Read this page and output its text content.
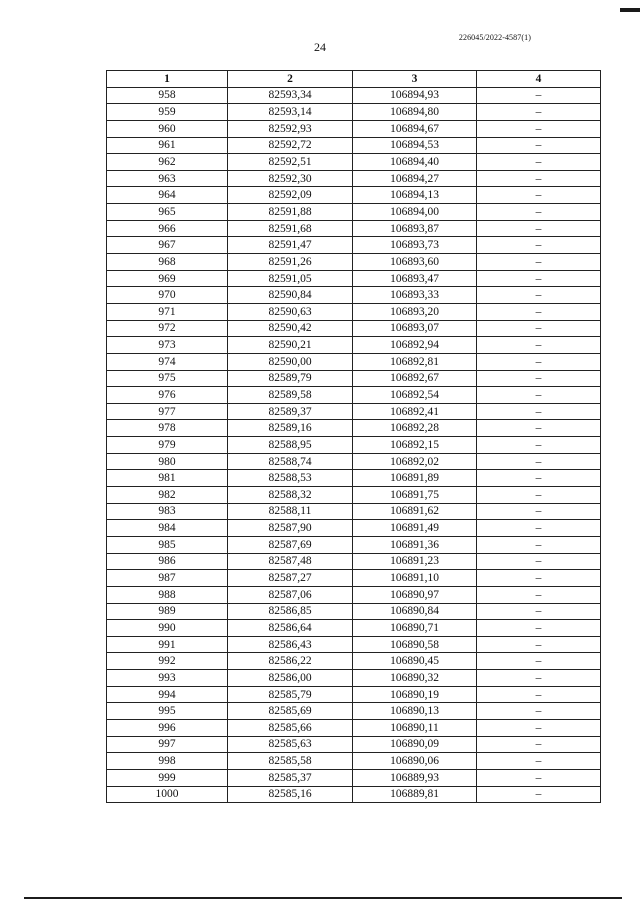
226045/2022-4587(1)
24
1	2	3	4
958	82593,34	106894,93	–
959	82593,14	106894,80	–
960	82592,93	106894,67	–
961	82592,72	106894,53	–
962	82592,51	106894,40	–
963	82592,30	106894,27	–
964	82592,09	106894,13	–
965	82591,88	106894,00	–
966	82591,68	106893,87	–
967	82591,47	106893,73	–
968	82591,26	106893,60	–
969	82591,05	106893,47	–
970	82590,84	106893,33	–
971	82590,63	106893,20	–
972	82590,42	106893,07	–
973	82590,21	106892,94	–
974	82590,00	106892,81	–
975	82589,79	106892,67	–
976	82589,58	106892,54	–
977	82589,37	106892,41	–
978	82589,16	106892,28	–
979	82588,95	106892,15	–
980	82588,74	106892,02	–
981	82588,53	106891,89	–
982	82588,32	106891,75	–
983	82588,11	106891,62	–
984	82587,90	106891,49	–
985	82587,69	106891,36	–
986	82587,48	106891,23	–
987	82587,27	106891,10	–
988	82587,06	106890,97	–
989	82586,85	106890,84	–
990	82586,64	106890,71	–
991	82586,43	106890,58	–
992	82586,22	106890,45	–
993	82586,00	106890,32	–
994	82585,79	106890,19	–
995	82585,69	106890,13	–
996	82585,66	106890,11	–
997	82585,63	106890,09	–
998	82585,58	106890,06	–
999	82585,37	106889,93	–
1000	82585,16	106889,81	–
